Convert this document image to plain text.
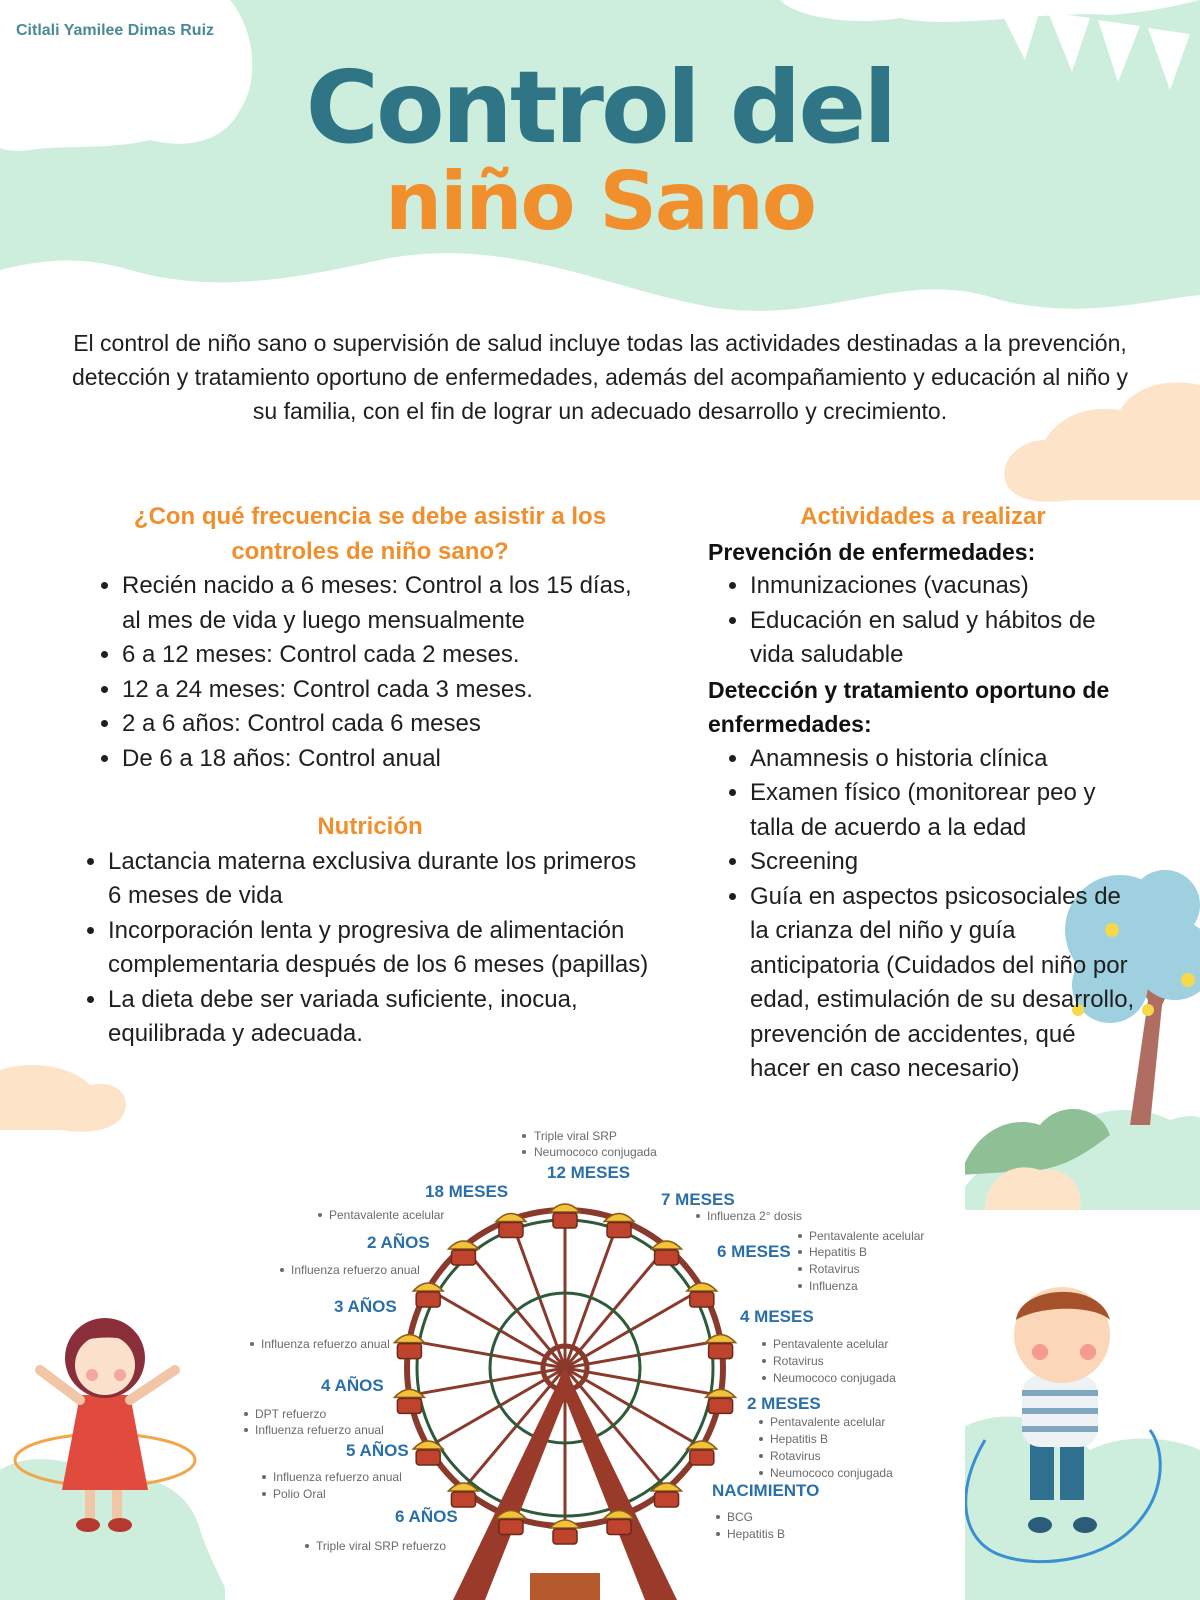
Citlali Yamilee Dimas Ruiz
Control del
niño Sano
El control de niño sano o supervisión de salud incluye todas las actividades destinadas a la prevención, detección y tratamiento oportuno de enfermedades, además del acompañamiento y educación al niño y su familia, con el fin de lograr un adecuado desarrollo y crecimiento.
¿Con qué frecuencia se debe asistir a los controles de niño sano?
• Recién nacido a 6 meses: Control a los 15 días, al mes de vida y luego mensualmente
• 6 a 12 meses: Control cada 2 meses.
• 12 a 24 meses: Control cada 3 meses.
• 2 a 6 años: Control cada 6 meses
• De 6 a 18 años: Control anual
Nutrición
• Lactancia materna exclusiva durante los primeros 6 meses de vida
• Incorporación lenta y progresiva de alimentación complementaria después de los 6 meses (papillas)
• La dieta debe ser variada suficiente, inocua, equilibrada y adecuada.
Actividades a realizar
Prevención de enfermedades:
• Inmunizaciones (vacunas)
• Educación en salud y hábitos de vida saludable
Detección y tratamiento oportuno de enfermedades:
• Anamnesis o historia clínica
• Examen físico (monitorear peo y talla de acuerdo a la edad
• Screening
• Guía en aspectos psicosociales de la crianza del niño y guía anticipatoria (Cuidados del niño por edad, estimulación de su desarrollo, prevención de accidentes, qué hacer en caso necesario)
Triple viral SRP
Neumococo conjugada
12 MESES
18 MESES
Pentavalente acelular
7 MESES
Influenza 2° dosis
2 AÑOS
Influenza refuerzo anual
6 MESES
Pentavalente acelular
Hepatitis B
Rotavirus
Influenza
3 AÑOS
Influenza refuerzo anual
4 MESES
Pentavalente acelular
Rotavirus
Neumococo conjugada
4 AÑOS
DPT refuerzo
Influenza refuerzo anual
2 MESES
Pentavalente acelular
Hepatitis B
Rotavirus
Neumococo conjugada
5 AÑOS
Influenza refuerzo anual
Polio Oral	NACIMIENTO
BCG
Hepatitis B
6 AÑOS
Triple viral SRP refuerzo
